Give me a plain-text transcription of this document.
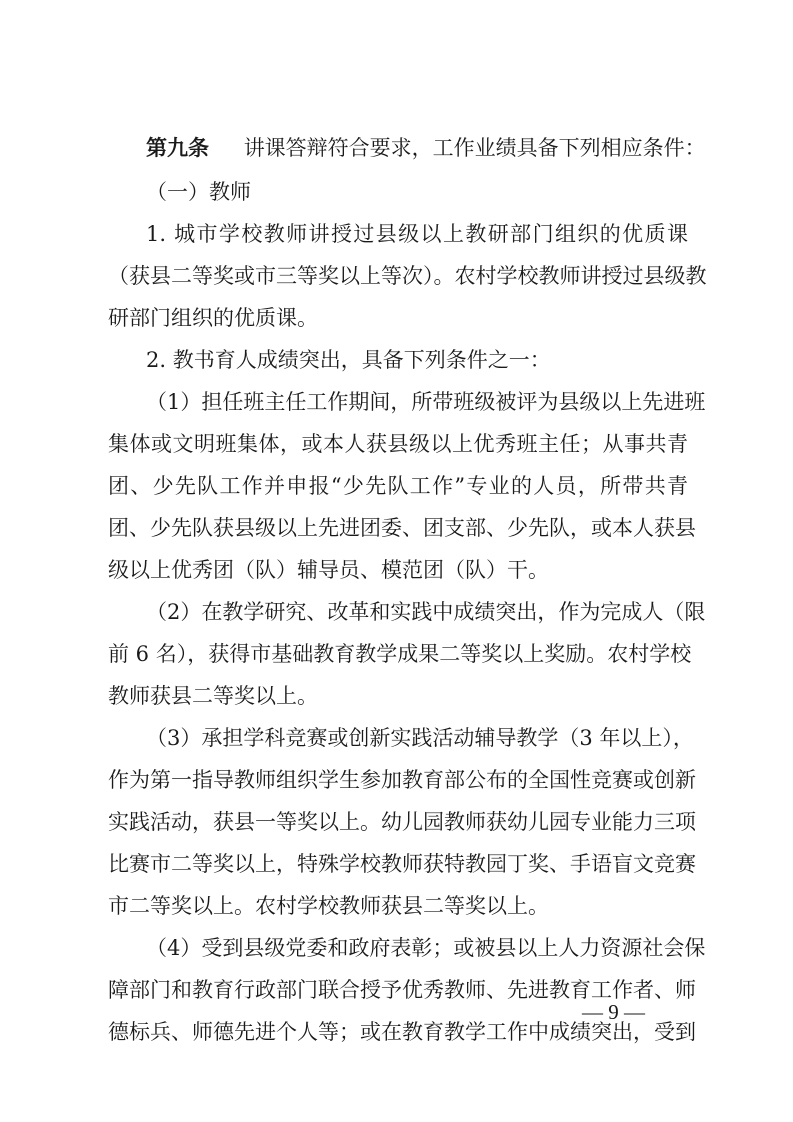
第九条 讲课答辩符合要求，工作业绩具备下列相应条件：
（一）教师
1. 城市学校教师讲授过县级以上教研部门组织的优质课
（获县二等奖或市三等奖以上等次）。农村学校教师讲授过县级教
研部门组织的优质课。
2. 教书育人成绩突出，具备下列条件之一：
（1）担任班主任工作期间，所带班级被评为县级以上先进班
集体或文明班集体，或本人获县级以上优秀班主任；从事共青
团、少先队工作并申报“少先队工作”专业的人员，所带共青
团、少先队获县级以上先进团委、团支部、少先队，或本人获县
级以上优秀团（队）辅导员、模范团（队）干。
（2）在教学研究、改革和实践中成绩突出，作为完成人（限
前 6 名），获得市基础教育教学成果二等奖以上奖励。农村学校
教师获县二等奖以上。
（3）承担学科竞赛或创新实践活动辅导教学（3 年以上），
作为第一指导教师组织学生参加教育部公布的全国性竞赛或创新
实践活动，获县一等奖以上。幼儿园教师获幼儿园专业能力三项
比赛市二等奖以上，特殊学校教师获特教园丁奖、手语盲文竞赛
市二等奖以上。农村学校教师获县二等奖以上。
（4）受到县级党委和政府表彰；或被县以上人力资源社会保
障部门和教育行政部门联合授予优秀教师、先进教育工作者、师
德标兵、师德先进个人等；或在教育教学工作中成绩突出，受到
— 9 —
